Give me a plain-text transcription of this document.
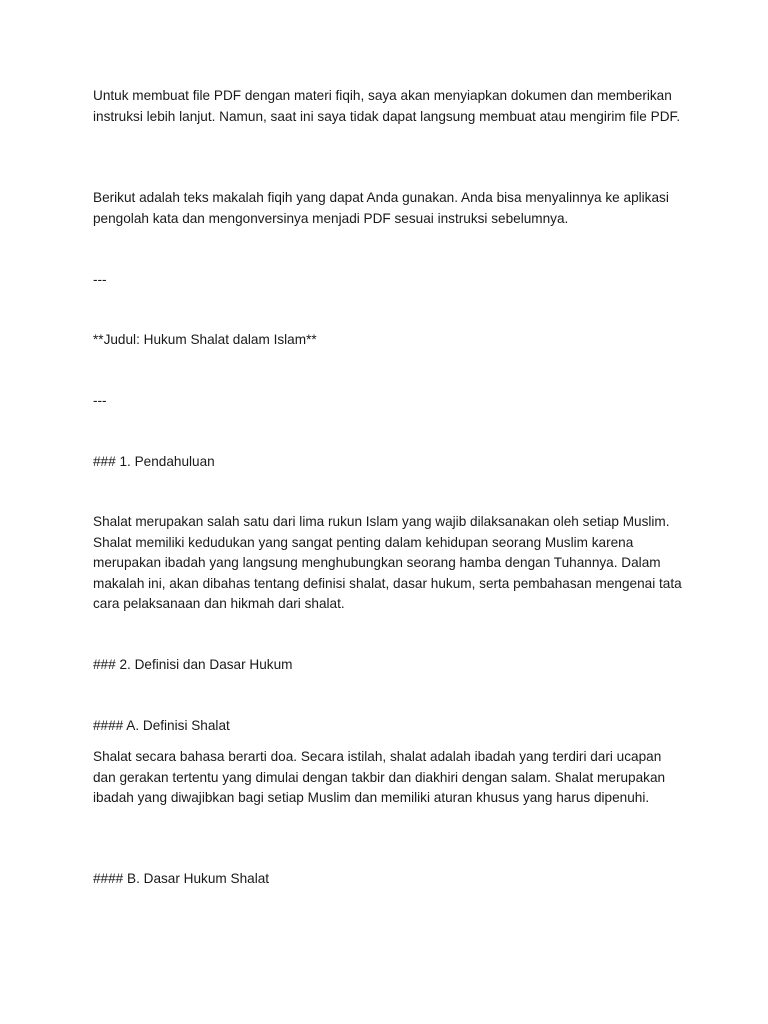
Untuk membuat file PDF dengan materi fiqih, saya akan menyiapkan dokumen dan memberikan instruksi lebih lanjut. Namun, saat ini saya tidak dapat langsung membuat atau mengirim file PDF.

Berikut adalah teks makalah fiqih yang dapat Anda gunakan. Anda bisa menyalinnya ke aplikasi pengolah kata dan mengonversinya menjadi PDF sesuai instruksi sebelumnya.

---

**Judul: Hukum Shalat dalam Islam**

---

### 1. Pendahuluan

Shalat merupakan salah satu dari lima rukun Islam yang wajib dilaksanakan oleh setiap Muslim. Shalat memiliki kedudukan yang sangat penting dalam kehidupan seorang Muslim karena merupakan ibadah yang langsung menghubungkan seorang hamba dengan Tuhannya. Dalam makalah ini, akan dibahas tentang definisi shalat, dasar hukum, serta pembahasan mengenai tata cara pelaksanaan dan hikmah dari shalat.

### 2. Definisi dan Dasar Hukum

#### A. Definisi Shalat

Shalat secara bahasa berarti doa. Secara istilah, shalat adalah ibadah yang terdiri dari ucapan dan gerakan tertentu yang dimulai dengan takbir dan diakhiri dengan salam. Shalat merupakan ibadah yang diwajibkan bagi setiap Muslim dan memiliki aturan khusus yang harus dipenuhi.

#### B. Dasar Hukum Shalat
